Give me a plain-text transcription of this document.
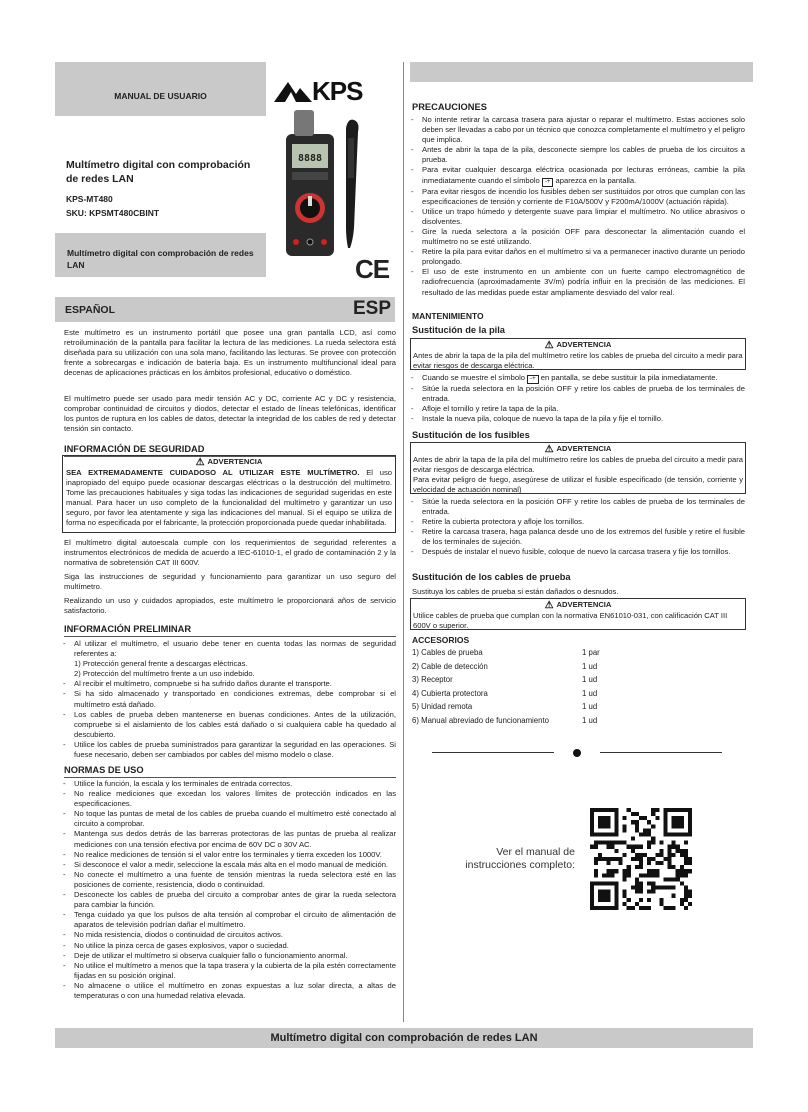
MANUAL DE USUARIO	KPS
Multímetro digital con comprobación de redes LAN
KPS-MT480
SKU: KPSMT480CBINT
Multímetro digital con comprobación de redes LAN
8888
CE
ESPAÑOL	ESP
Este multímetro es un instrumento portátil que posee una gran pantalla LCD, así como retroiluminación de la pantalla para facilitar la lectura de las mediciones. La rueda selectora está diseñada para su utilización con una sola mano, facilitando las lecturas. Se provee con protección frente a sobrecargas e indicación de batería baja. Es un instrumento multifuncional ideal para decenas de aplicaciones prácticas en los ámbitos profesional, educativo o doméstico.
El multímetro puede ser usado para medir tensión AC y DC, corriente AC y DC y resistencia, comprobar continuidad de circuitos y diodos, detectar el estado de líneas telefónicas, identificar los puntos de ruptura en los cables de datos, detectar la integridad de los cables de red y detectar tensión sin contacto.
INFORMACIÓN DE SEGURIDAD
⚠ ADVERTENCIA
SEA EXTREMADAMENTE CUIDADOSO AL UTILIZAR ESTE MULTÍMETRO. El uso inapropiado del equipo puede ocasionar descargas eléctricas o la destrucción del multímetro. Tome las precauciones habituales y siga todas las indicaciones de seguridad sugeridas en este manual. Para hacer un uso completo de la funcionalidad del multímetro y garantizar un uso seguro, por favor lea atentamente y siga las indicaciones del manual. Si el equipo se utiliza de forma no especificada por el fabricante, la protección proporcionada puede quedar inhabilitada.
El multímetro digital autoescala cumple con los requerimientos de seguridad referentes a instrumentos electrónicos de medida de acuerdo a IEC-61010-1, el grado de contaminación 2 y la normativa de sobretensión CAT III 600V.
Siga las instrucciones de seguridad y funcionamiento para garantizar un uso seguro del multímetro.
Realizando un uso y cuidados apropiados, este multímetro le proporcionará años de servicio satisfactorio.
INFORMACIÓN PRELIMINAR
- Al utilizar el multímetro, el usuario debe tener en cuenta todas las normas de seguridad referentes a:
1) Protección general frente a descargas eléctricas.
2) Protección del multímetro frente a un uso indebido.
- Al recibir el multímetro, compruebe si ha sufrido daños durante el transporte.
- Si ha sido almacenado y transportado en condiciones extremas, debe comprobar si el multímetro está dañado.
- Los cables de prueba deben mantenerse en buenas condiciones. Antes de la utilización, compruebe si el aislamiento de los cables está dañado o si cualquiera cable ha quedado al descubierto.
- Utilice los cables de prueba suministrados para garantizar la seguridad en las operaciones. Si fuese necesario, deben ser cambiados por cables del mismo modelo o clase.
NORMAS DE USO
- Utilice la función, la escala y los terminales de entrada correctos.
- No realice mediciones que excedan los valores límites de protección indicados en las especificaciones.
- No toque las puntas de metal de los cables de prueba cuando el multímetro esté conectado al circuito a comprobar.
- Mantenga sus dedos detrás de las barreras protectoras de las puntas de prueba al realizar mediciones con una tensión efectiva por encima de 60V DC o 30V AC.
- No realice mediciones de tensión si el valor entre los terminales y tierra exceden los 1000V.
- Si desconoce el valor a medir, seleccione la escala más alta en el modo manual de medición.
- No conecte el multímetro a una fuente de tensión mientras la rueda selectora esté en las posiciones de corriente, resistencia, diodo o continuidad.
- Desconecte los cables de prueba del circuito a comprobar antes de girar la rueda selectora para cambiar la función.
- Tenga cuidado ya que los pulsos de alta tensión al comprobar el circuito de alimentación de aparatos de televisión podrían dañar el multímetro.
- No mida resistencia, diodos o continuidad de circuitos activos.
- No utilice la pinza cerca de gases explosivos, vapor o suciedad.
- Deje de utilizar el multímetro si observa cualquier fallo o funcionamiento anormal.
- No utilice el multímetro a menos que la tapa trasera y la cubierta de la pila estén correctamente fijadas en su posición original.
- No almacene o utilice el multímetro en zonas expuestas a luz solar directa, a altas de temperaturas o con una humedad relativa elevada.
PRECAUCIONES
- No intente retirar la carcasa trasera para ajustar o reparar el multímetro. Estas acciones solo deben ser llevadas a cabo por un técnico que conozca completamente el multímetro y el peligro que implica.
- Antes de abrir la tapa de la pila, desconecte siempre los cables de prueba de los circuitos a prueba.
- Para evitar cualquier descarga eléctrica ocasionada por lecturas erróneas, cambie la pila inmediatamente cuando el símbolo -+ aparezca en la pantalla.
- Para evitar riesgos de incendio los fusibles deben ser sustituidos por otros que cumplan con las especificaciones de tensión y corriente de F10A/500V y F200mA/1000V (actuación rápida).
- Utilice un trapo húmedo y detergente suave para limpiar el multímetro. No utilice abrasivos o disolventes.
- Gire la rueda selectora a la posición OFF para desconectar la alimentación cuando el multímetro no se esté utilizando.
- Retire la pila para evitar daños en el multímetro si va a permanecer inactivo durante un periodo prolongado.
- El uso de este instrumento en un ambiente con un fuerte campo electromagnético de radiofrecuencia (aproximadamente 3V/m) podría influir en la precisión de las mediciones. El resultado de las medidas puede estar ampliamente desviado del valor real.
MANTENIMIENTO
Sustitución de la pila
⚠ ADVERTENCIA
Antes de abrir la tapa de la pila del multímetro retire los cables de prueba del circuito a medir para evitar riesgos de descarga eléctrica.
- Cuando se muestre el símbolo -+ en pantalla, se debe sustituir la pila inmediatamente.
- Sitúe la rueda selectora en la posición OFF y retire los cables de prueba de los terminales de entrada.
- Afloje el tornillo y retire la tapa de la pila.
- Instale la nueva pila, coloque de nuevo la tapa de la pila y fije el tornillo.
Sustitución de los fusibles
⚠ ADVERTENCIA
Antes de abrir la tapa de la pila del multímetro retire los cables de prueba del circuito a medir para evitar riesgos de descarga eléctrica.
Para evitar peligro de fuego, asegúrese de utilizar el fusible especificado (de tensión, corriente y velocidad de actuación nominal)
- Sitúe la rueda selectora en la posición OFF y retire los cables de prueba de los terminales de entrada.
- Retire la cubierta protectora y afloje los tornillos.
- Retire la carcasa trasera, haga palanca desde uno de los extremos del fusible y retire el fusible de los terminales de sujeción.
- Después de instalar el nuevo fusible, coloque de nuevo la carcasa trasera y fije los tornillos.
Sustitución de los cables de prueba
Sustituya los cables de prueba si están dañados o desnudos.
⚠ ADVERTENCIA
Utilice cables de prueba que cumplan con la normativa EN61010-031, con calificación CAT III 600V o superior.
ACCESORIOS
1) Cables de prueba	1 par
2) Cable de detección	1 ud
3) Receptor	1 ud
4) Cubierta protectora	1 ud
5) Unidad remota	1 ud
6) Manual abreviado de funcionamiento	1 ud
Ver el manual de instrucciones completo:
Multímetro digital con comprobación de redes LAN
